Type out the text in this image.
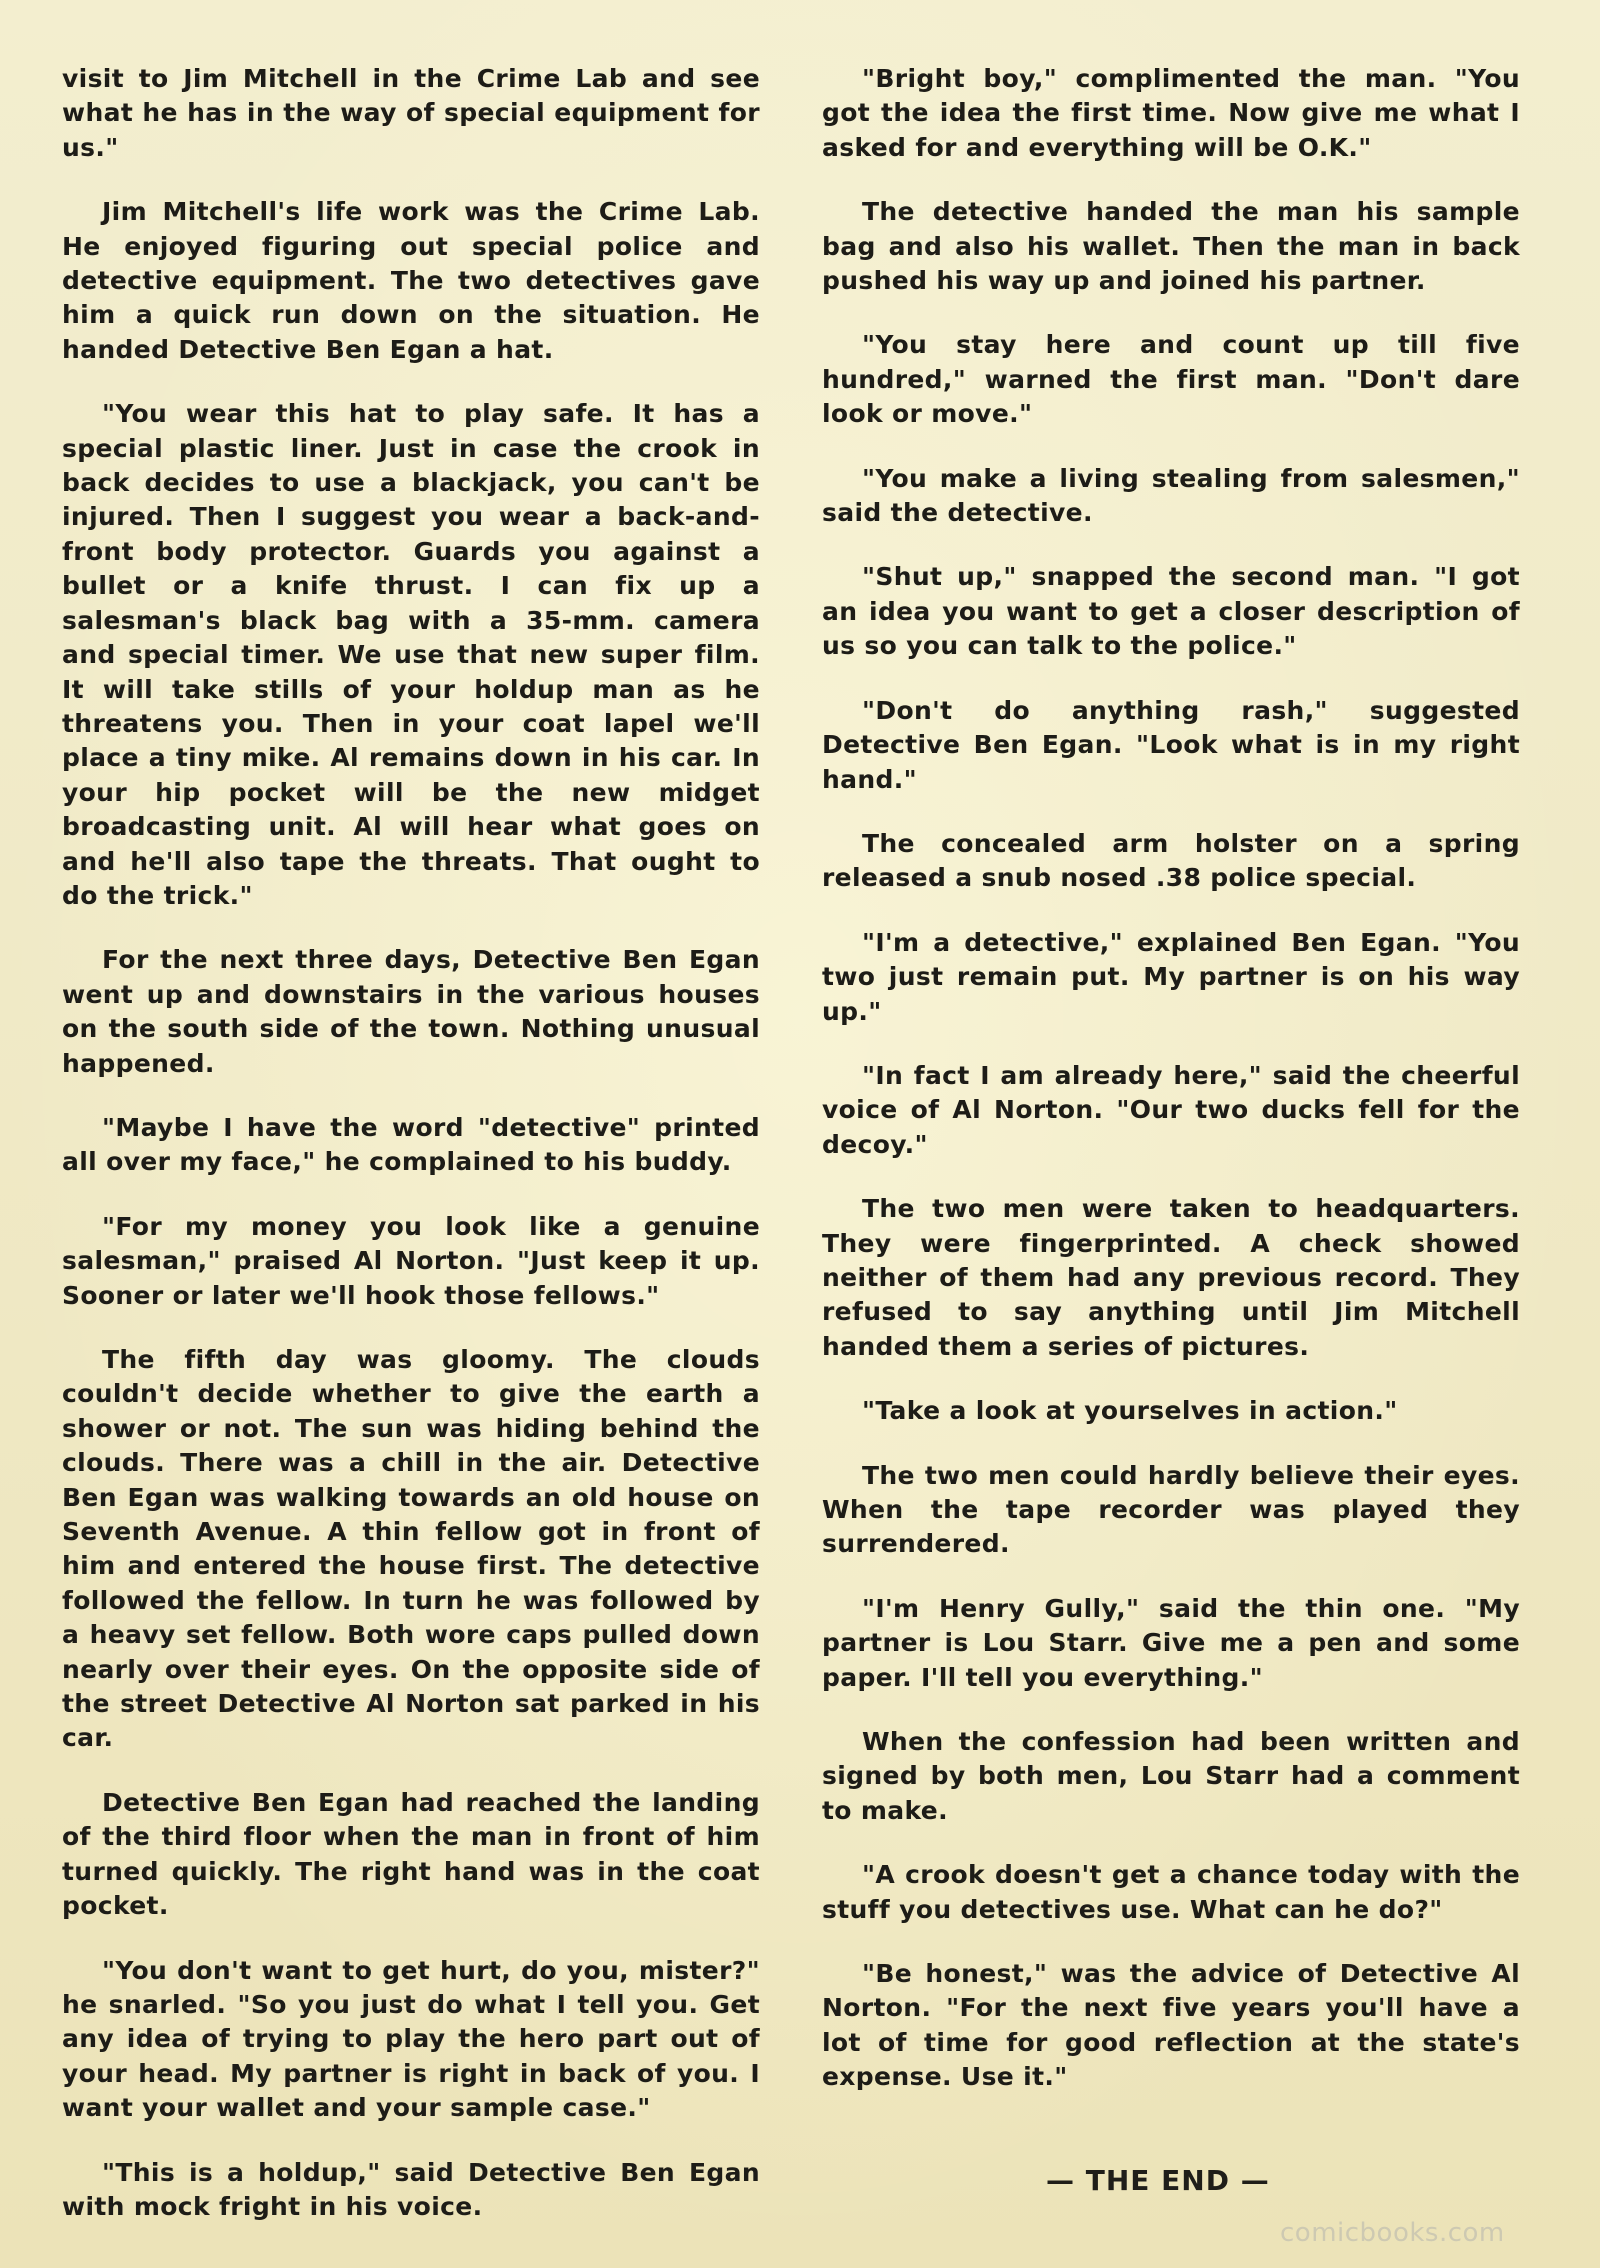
visit to Jim Mitchell in the Crime Lab and see what he has in the way of special equipment for us."

Jim Mitchell's life work was the Crime Lab. He enjoyed figuring out special police and detective equipment. The two detectives gave him a quick run down on the situation. He handed Detective Ben Egan a hat.

"You wear this hat to play safe. It has a special plastic liner. Just in case the crook in back decides to use a blackjack, you can't be injured. Then I suggest you wear a back-and-front body protector. Guards you against a bullet or a knife thrust. I can fix up a salesman's black bag with a 35-mm. camera and special timer. We use that new super film. It will take stills of your holdup man as he threatens you. Then in your coat lapel we'll place a tiny mike. Al remains down in his car. In your hip pocket will be the new midget broadcasting unit. Al will hear what goes on and he'll also tape the threats. That ought to do the trick."

For the next three days, Detective Ben Egan went up and downstairs in the various houses on the south side of the town. Nothing unusual happened.

"Maybe I have the word "detective" printed all over my face," he complained to his buddy.

"For my money you look like a genuine salesman," praised Al Norton. "Just keep it up. Sooner or later we'll hook those fellows."

The fifth day was gloomy. The clouds couldn't decide whether to give the earth a shower or not. The sun was hiding behind the clouds. There was a chill in the air. Detective Ben Egan was walking towards an old house on Seventh Avenue. A thin fellow got in front of him and entered the house first. The detective followed the fellow. In turn he was followed by a heavy set fellow. Both wore caps pulled down nearly over their eyes. On the opposite side of the street Detective Al Norton sat parked in his car.

Detective Ben Egan had reached the landing of the third floor when the man in front of him turned quickly. The right hand was in the coat pocket.

"You don't want to get hurt, do you, mister?" he snarled. "So you just do what I tell you. Get any idea of trying to play the hero part out of your head. My partner is right in back of you. I want your wallet and your sample case."

"This is a holdup," said Detective Ben Egan with mock fright in his voice.

"Bright boy," complimented the man. "You got the idea the first time. Now give me what I asked for and everything will be O.K."

The detective handed the man his sample bag and also his wallet. Then the man in back pushed his way up and joined his partner.

"You stay here and count up till five hundred," warned the first man. "Don't dare look or move."

"You make a living stealing from salesmen," said the detective.

"Shut up," snapped the second man. "I got an idea you want to get a closer description of us so you can talk to the police."

"Don't do anything rash," suggested Detective Ben Egan. "Look what is in my right hand."

The concealed arm holster on a spring released a snub nosed .38 police special.

"I'm a detective," explained Ben Egan. "You two just remain put. My partner is on his way up."

"In fact I am already here," said the cheerful voice of Al Norton. "Our two ducks fell for the decoy."

The two men were taken to headquarters. They were fingerprinted. A check showed neither of them had any previous record. They refused to say anything until Jim Mitchell handed them a series of pictures.

"Take a look at yourselves in action."

The two men could hardly believe their eyes. When the tape recorder was played they surrendered.

"I'm Henry Gully," said the thin one. "My partner is Lou Starr. Give me a pen and some paper. I'll tell you everything."

When the confession had been written and signed by both men, Lou Starr had a comment to make.

"A crook doesn't get a chance today with the stuff you detectives use. What can he do?"

"Be honest," was the advice of Detective Al Norton. "For the next five years you'll have a lot of time for good reflection at the state's expense. Use it."

— THE END —
comicbooks.com
